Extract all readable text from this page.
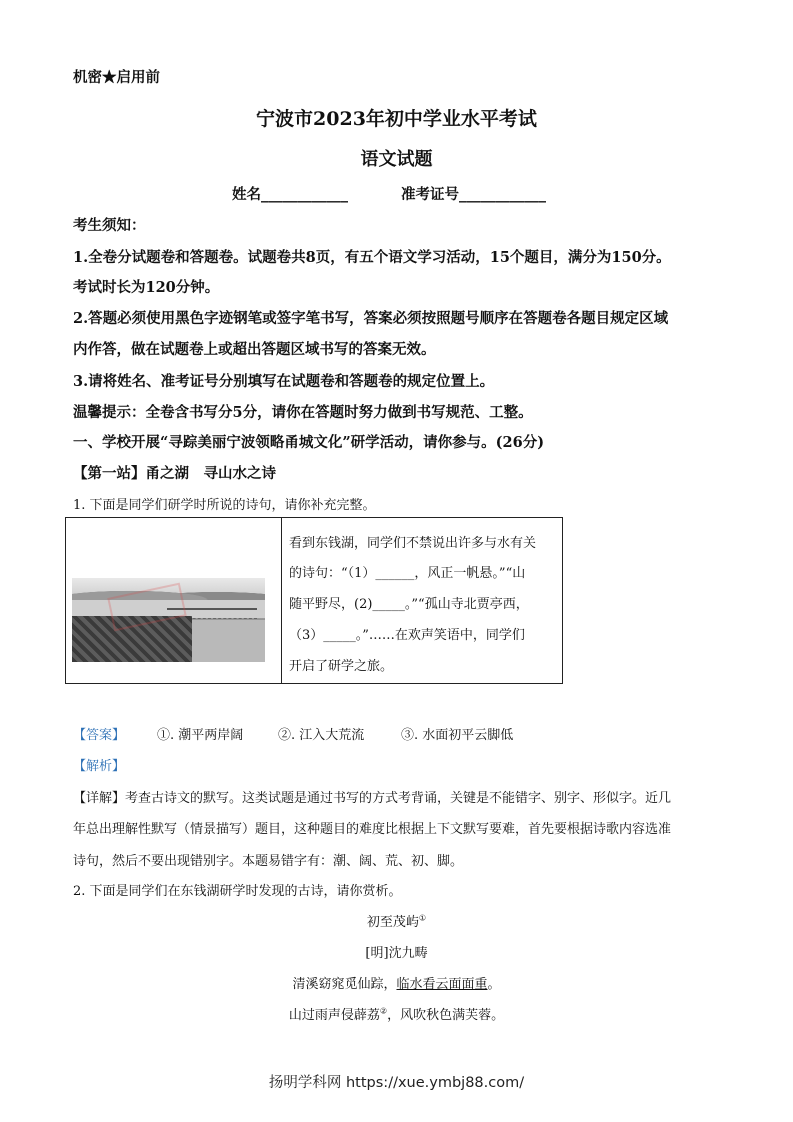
机密★启用前
宁波市2023年初中学业水平考试
语文试题
姓名____________	准考证号____________
考生须知：
1.全卷分试题卷和答题卷。试题卷共8页，有五个语文学习活动，15个题目，满分为150分。
考试时长为120分钟。
2.答题必须使用黑色字迹钢笔或签字笔书写，答案必须按照题号顺序在答题卷各题目规定区域
内作答，做在试题卷上或超出答题区域书写的答案无效。
3.请将姓名、准考证号分别填写在试题卷和答题卷的规定位置上。
温馨提示：全卷含书写分5分，请你在答题时努力做到书写规范、工整。
一、学校开展“寻踪美丽宁波领略甬城文化”研学活动，请你参与。(26分)
【第一站】甬之湖　寻山水之诗
1. 下面是同学们研学时所说的诗句，请你补充完整。
看到东钱湖，同学们不禁说出许多与水有关
的诗句：“（1）______，风正一帆悬。”“山
随平野尽，(2)_____。”“孤山寺北贾亭西，
（3）_____。”……在欢声笑语中，同学们
开启了研学之旅。
【答案】 ①. 潮平两岸阔	②. 江入大荒流	③. 水面初平云脚低
【解析】
【详解】考查古诗文的默写。这类试题是通过书写的方式考背诵，关键是不能错字、别字、形似字。近几
年总出理解性默写（情景描写）题目，这种题目的难度比根据上下文默写要难，首先要根据诗歌内容选准
诗句，然后不要出现错别字。本题易错字有：潮、阔、荒、初、脚。
2. 下面是同学们在东钱湖研学时发现的古诗，请你赏析。
初至茂屿①
[明]沈九畴
清溪窈窕觅仙踪，临水看云面面重。
山过雨声侵薜荔②，风吹秋色满芙蓉。
扬明学科网 https://xue.ymbj88.com/
